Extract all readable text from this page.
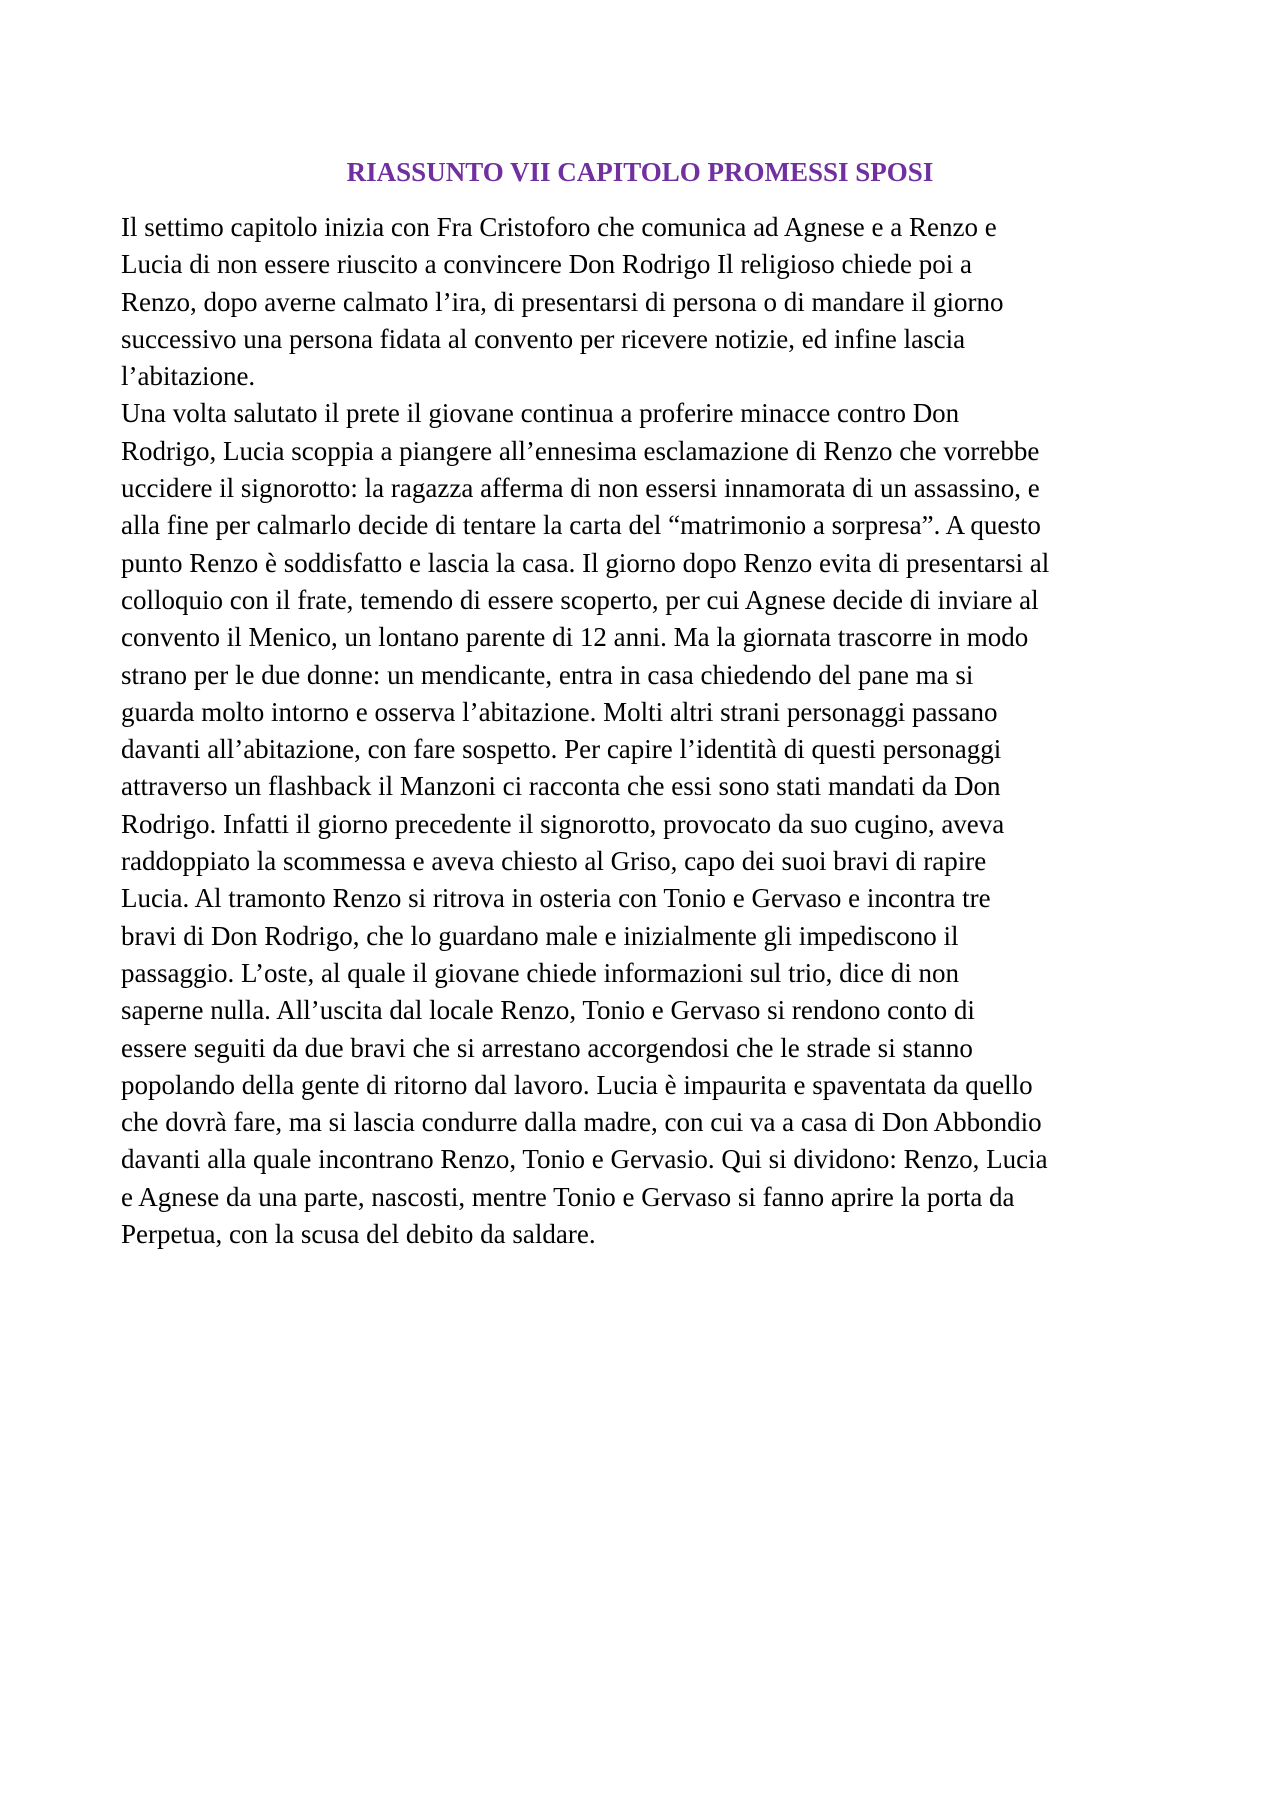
RIASSUNTO VII CAPITOLO PROMESSI SPOSI
Il settimo capitolo inizia con Fra Cristoforo che comunica ad Agnese e a Renzo e
Lucia di non essere riuscito a convincere Don Rodrigo Il religioso chiede poi a
Renzo, dopo averne calmato l’ira, di presentarsi di persona o di mandare il giorno
successivo una persona fidata al convento per ricevere notizie, ed infine lascia
l’abitazione.
Una volta salutato il prete il giovane continua a proferire minacce contro Don
Rodrigo, Lucia scoppia a piangere all’ennesima esclamazione di Renzo che vorrebbe
uccidere il signorotto: la ragazza afferma di non essersi innamorata di un assassino, e
alla fine per calmarlo decide di tentare la carta del “matrimonio a sorpresa”. A questo
punto Renzo è soddisfatto e lascia la casa. Il giorno dopo Renzo evita di presentarsi al
colloquio con il frate, temendo di essere scoperto, per cui Agnese decide di inviare al
convento il Menico, un lontano parente di 12 anni. Ma la giornata trascorre in modo
strano per le due donne: un mendicante, entra in casa chiedendo del pane ma si
guarda molto intorno e osserva l’abitazione. Molti altri strani personaggi passano
davanti all’abitazione, con fare sospetto. Per capire l’identità di questi personaggi
attraverso un flashback il Manzoni ci racconta che essi sono stati mandati da Don
Rodrigo. Infatti il giorno precedente il signorotto, provocato da suo cugino, aveva
raddoppiato la scommessa e aveva chiesto al Griso, capo dei suoi bravi di rapire
Lucia. Al tramonto Renzo si ritrova in osteria con Tonio e Gervaso e incontra tre
bravi di Don Rodrigo, che lo guardano male e inizialmente gli impediscono il
passaggio. L’oste, al quale il giovane chiede informazioni sul trio, dice di non
saperne nulla. All’uscita dal locale Renzo, Tonio e Gervaso si rendono conto di
essere seguiti da due bravi che si arrestano accorgendosi che le strade si stanno
popolando della gente di ritorno dal lavoro. Lucia è impaurita e spaventata da quello
che dovrà fare, ma si lascia condurre dalla madre, con cui va a casa di Don Abbondio
davanti alla quale incontrano Renzo, Tonio e Gervasio. Qui si dividono: Renzo, Lucia
e Agnese da una parte, nascosti, mentre Tonio e Gervaso si fanno aprire la porta da
Perpetua, con la scusa del debito da saldare.
